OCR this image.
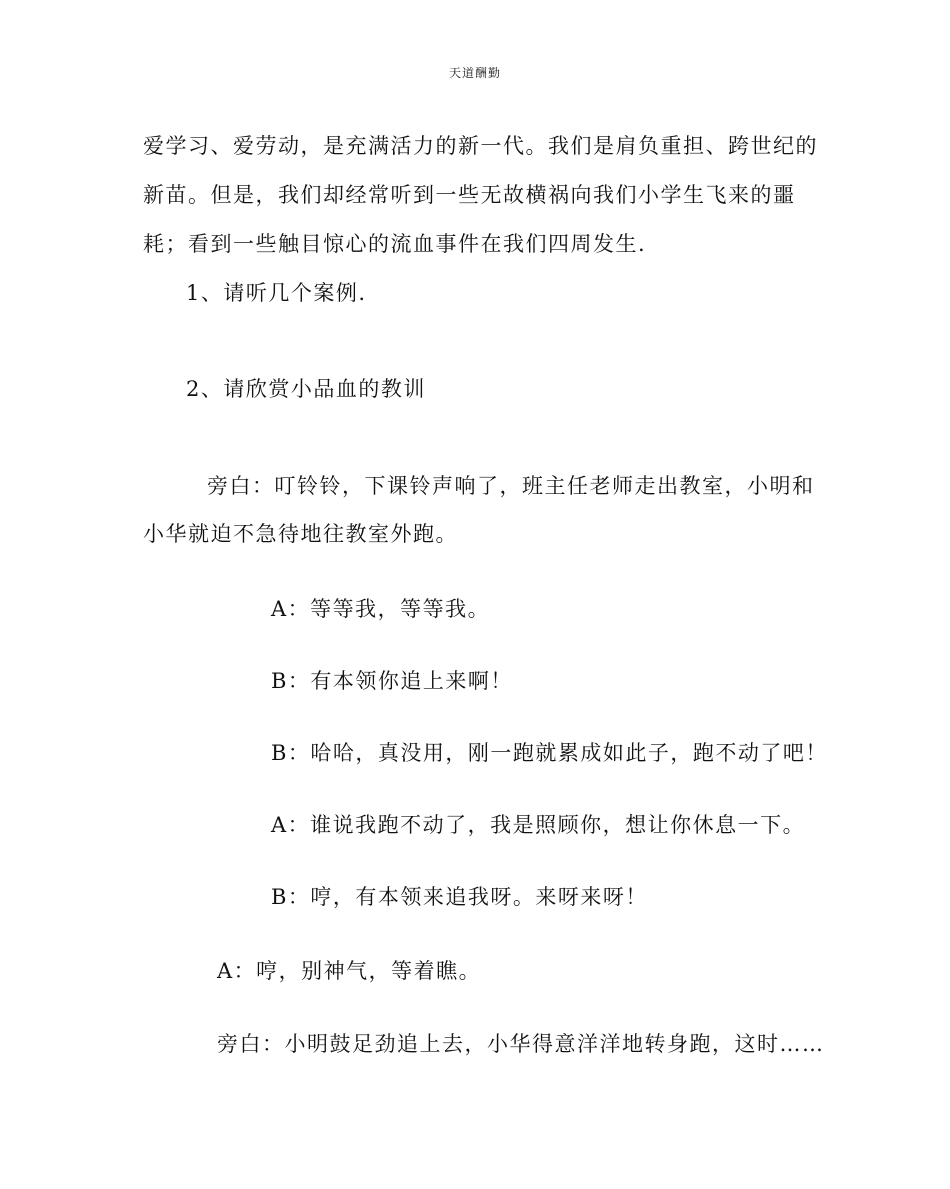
天道酬勤
爱学习、爱劳动，是充满活力的新一代。我们是肩负重担、跨世纪的
新苗。但是，我们却经常听到一些无故横祸向我们小学生飞来的噩
耗；看到一些触目惊心的流血事件在我们四周发生.
1、请听几个案例.
2、请欣赏小品血的教训
旁白：叮铃铃，下课铃声响了，班主任老师走出教室，小明和
小华就迫不急待地往教室外跑。
A：等等我，等等我。
B：有本领你追上来啊！
B：哈哈，真没用，刚一跑就累成如此子，跑不动了吧！
A：谁说我跑不动了，我是照顾你，想让你休息一下。
B：哼，有本领来追我呀。来呀来呀！
A：哼，别神气，等着瞧。
旁白：小明鼓足劲追上去，小华得意洋洋地转身跑，这时……
